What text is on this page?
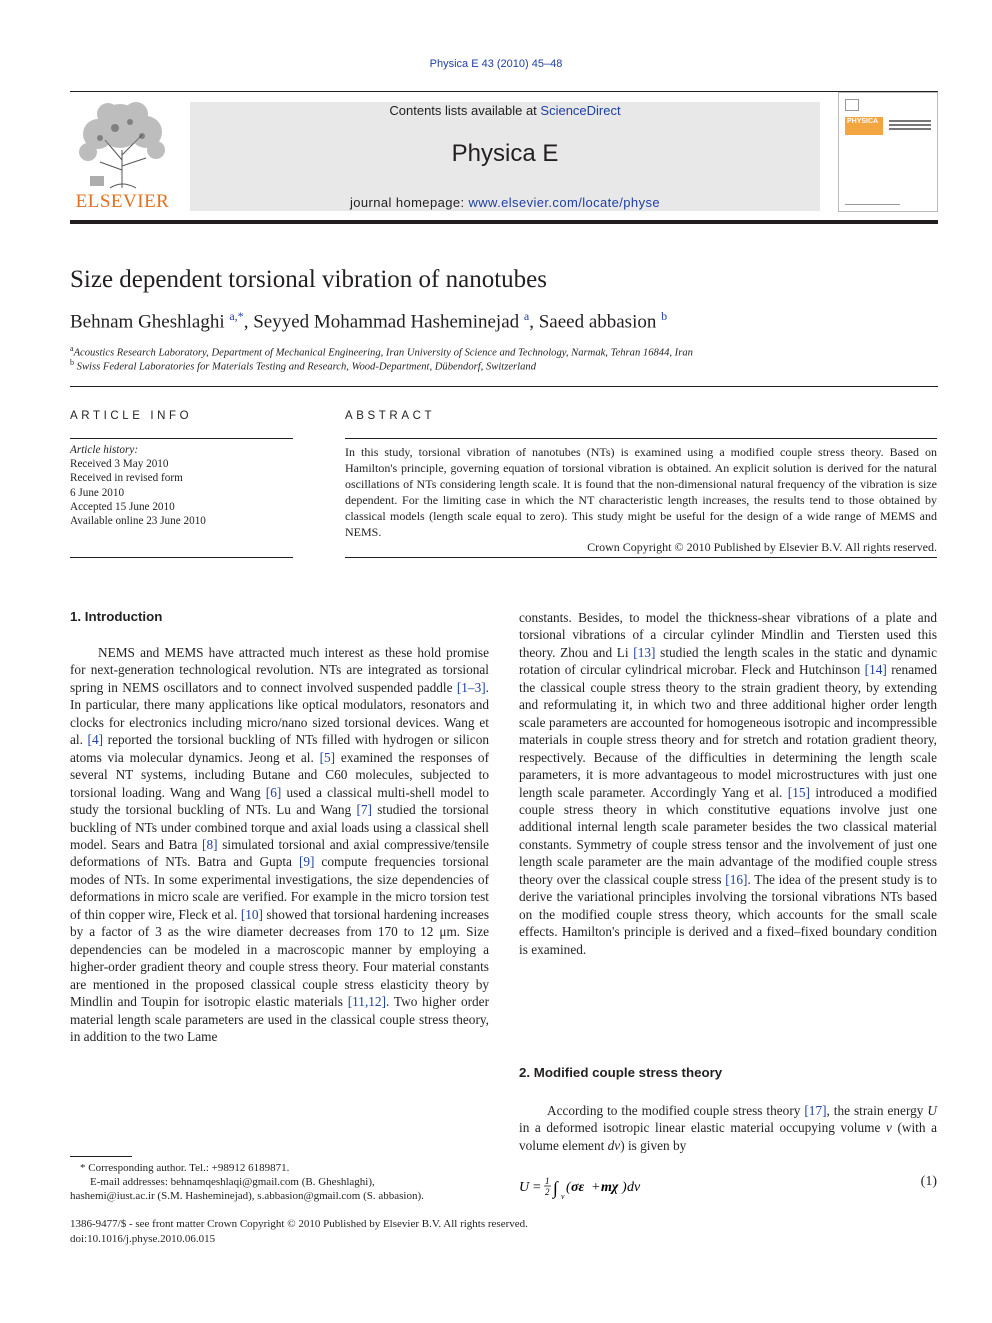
Physica E 43 (2010) 45–48
ELSEVIER
Contents lists available at ScienceDirect
Physica E
journal homepage: www.elsevier.com/locate/physe
PHYSICA
Size dependent torsional vibration of nanotubes
Behnam Gheshlaghi $^{a,*}$, Seyyed Mohammad Hasheminejad $^a$, Saeed abbasion $^b$
$^a$Acoustics Research Laboratory, Department of Mechanical Engineering, Iran University of Science and Technology, Narmak, Tehran 16844, Iran
$^b$ Swiss Federal Laboratories for Materials Testing and Research, Wood-Department, Dübendorf, Switzerland
ARTICLE INFO
Article history:
Received 3 May 2010
Received in revised form
6 June 2010
Accepted 15 June 2010
Available online 23 June 2010
ABSTRACT
In this study, torsional vibration of nanotubes (NTs) is examined using a modified couple stress theory. Based on Hamilton's principle, governing equation of torsional vibration is obtained. An explicit solution is derived for the natural oscillations of NTs considering length scale. It is found that the non-dimensional natural frequency of the vibration is size dependent. For the limiting case in which the NT characteristic length increases, the results tend to those obtained by classical models (length scale equal to zero). This study might be useful for the design of a wide range of MEMS and NEMS.
Crown Copyright © 2010 Published by Elsevier B.V. All rights reserved.
1. Introduction

NEMS and MEMS have attracted much interest as these hold promise for next-generation technological revolution. NTs are integrated as torsional spring in NEMS oscillators and to connect involved suspended paddle [1–3]. In particular, there many applications like optical modulators, resonators and clocks for electronics including micro/nano sized torsional devices. Wang et al. [4] reported the torsional buckling of NTs filled with hydrogen or silicon atoms via molecular dynamics. Jeong et al. [5] examined the responses of several NT systems, including Butane and C60 molecules, subjected to torsional loading. Wang and Wang [6] used a classical multi-shell model to study the torsional buckling of NTs. Lu and Wang [7] studied the torsional buckling of NTs under combined torque and axial loads using a classical shell model. Sears and Batra [8] simulated torsional and axial compressive/tensile deformations of NTs. Batra and Gupta [9] compute frequencies torsional modes of NTs. In some experimental investigations, the size dependencies of deformations in micro scale are verified. For example in the micro torsion test of thin copper wire, Fleck et al. [10] showed that torsional hardening increases by a factor of 3 as the wire diameter decreases from 170 to 12 μm. Size dependencies can be modeled in a macroscopic manner by employing a higher-order gradient theory and couple stress theory. Four material constants are mentioned in the proposed classical couple stress elasticity theory by Mindlin and Toupin for isotropic elastic materials [11,12]. Two higher order material length scale parameters are used in the classical couple stress theory, in addition to the two Lame

constants. Besides, to model the thickness-shear vibrations of a plate and torsional vibrations of a circular cylinder Mindlin and Tiersten used this theory. Zhou and Li [13] studied the length scales in the static and dynamic rotation of circular cylindrical microbar. Fleck and Hutchinson [14] renamed the classical couple stress theory to the strain gradient theory, by extending and reformulating it, in which two and three additional higher order length scale parameters are accounted for homogeneous isotropic and incompressible materials in couple stress theory and for stretch and rotation gradient theory, respectively. Because of the difficulties in determining the length scale parameters, it is more advantageous to model microstructures with just one length scale parameter. Accordingly Yang et al. [15] introduced a modified couple stress theory in which constitutive equations involve just one additional internal length scale parameter besides the two classical material constants. Symmetry of couple stress tensor and the involvement of just one length scale parameter are the main advantage of the modified couple stress theory over the classical couple stress [16]. The idea of the present study is to derive the variational principles involving the torsional vibrations NTs based on the modified couple stress theory, which accounts for the small scale effects. Hamilton's principle is derived and a fixed–fixed boundary condition is examined.

2. Modified couple stress theory

According to the modified couple stress theory [17], the strain energy U in a deformed isotropic linear elastic material occupying volume v (with a volume element dv) is given by

U = 1
2 ∫ v
( σε + mχ ) dv	(1)
* Corresponding author. Tel.: +98912 6189871.
E-mail addresses: behnamqeshlaqi@gmail.com (B. Gheshlaghi),
hashemi@iust.ac.ir (S.M. Hasheminejad), s.abbasion@gmail.com (S. abbasion).
1386-9477/$ - see front matter Crown Copyright © 2010 Published by Elsevier B.V. All rights reserved.
doi:10.1016/j.physe.2010.06.015
